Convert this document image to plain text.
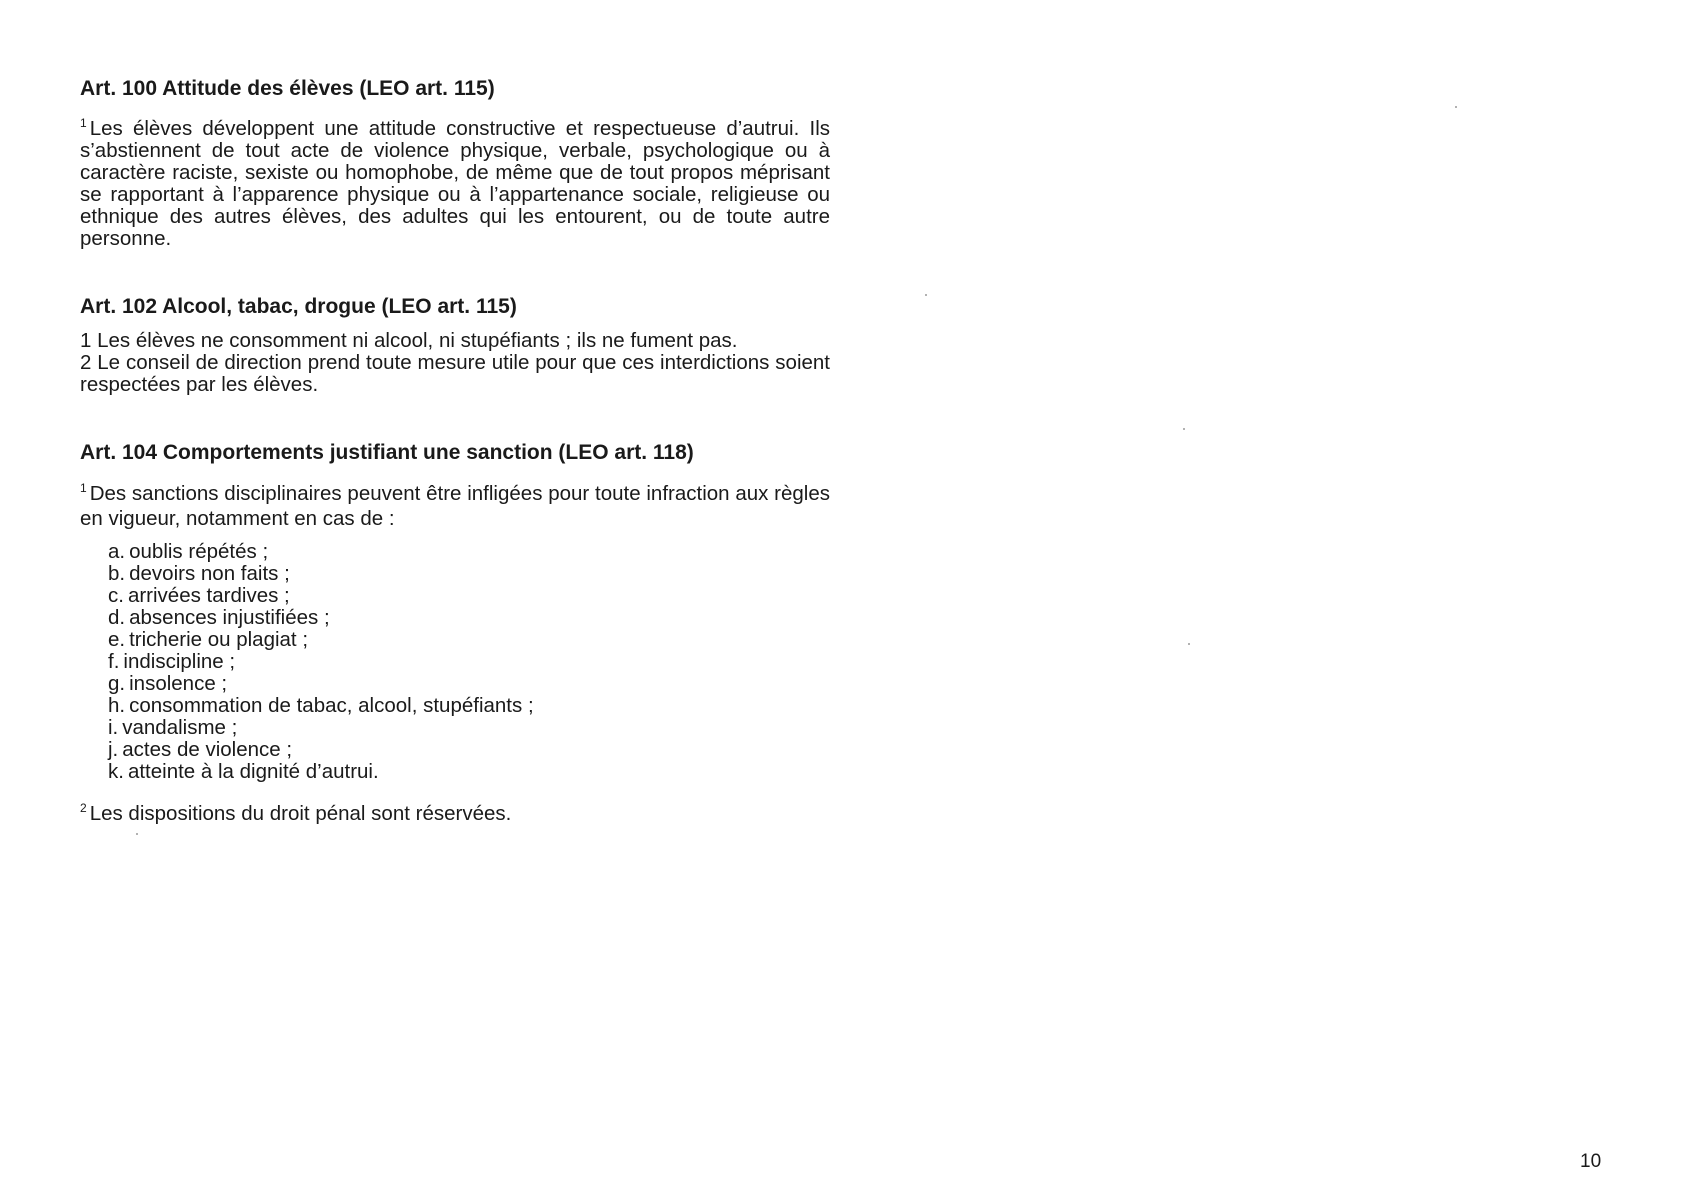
Art. 100 Attitude des élèves (LEO art. 115)

$^1$ Les élèves développent une attitude constructive et respectueuse d’autrui. Ils s’abstiennent de tout acte de violence physique, verbale, psychologique ou à caractère raciste, sexiste ou homophobe, de même que de tout propos méprisant se rapportant à l’apparence physique ou à l’appartenance sociale, religieuse ou ethnique des autres élèves, des adultes qui les entourent, ou de toute autre personne.

Art. 102 Alcool, tabac, drogue (LEO art. 115)

1 Les élèves ne consomment ni alcool, ni stupéfiants ; ils ne fument pas.

2 Le conseil de direction prend toute mesure utile pour que ces interdictions soient respectées par les élèves.

Art. 104 Comportements justifiant une sanction (LEO art. 118)

$^1$ Des sanctions disciplinaires peuvent être infligées pour toute infraction aux règles en vigueur, notamment en cas de :

a. oublis répétés ;
b. devoirs non faits ;
c. arrivées tardives ;
d. absences injustifiées ;
e. tricherie ou plagiat ;
f. indiscipline ;
g. insolence ;
h. consommation de tabac, alcool, stupéfiants ;
i. vandalisme ;
j. actes de violence ;
k. atteinte à la dignité d’autrui.

$^2$ Les dispositions du droit pénal sont réservées.

10
